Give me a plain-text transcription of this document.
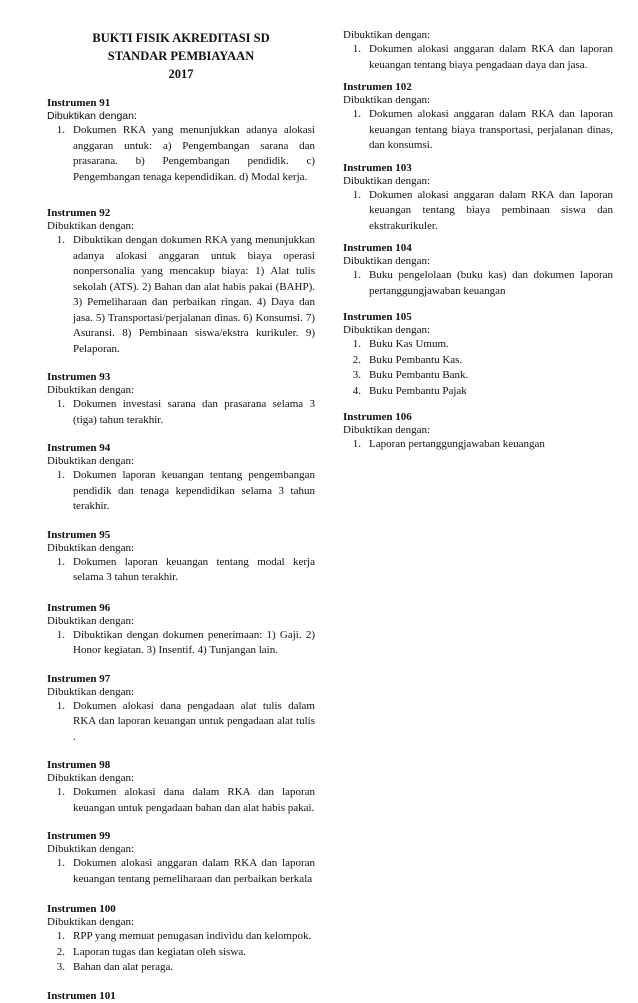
BUKTI FISIK AKREDITASI SD
STANDAR PEMBIAYAAN
2017
Instrumen 91
Dibuktikan dengan:
1. Dokumen RKA yang menunjukkan adanya alokasi anggaran untuk: a) Pengembangan sarana dan prasarana. b) Pengembangan pendidik. c) Pengembangan tenaga kependidikan. d) Modal kerja.
Instrumen 92
Dibuktikan dengan:
1. Dibuktikan dengan dokumen RKA yang menunjukkan adanya alokasi anggaran untuk biaya operasi nonpersonalia yang mencakup biaya: 1) Alat tulis sekolah (ATS). 2) Bahan dan alat habis pakai (BAHP). 3) Pemeliharaan dan perbaikan ringan. 4) Daya dan jasa. 5) Transportasi/perjalanan dinas. 6) Konsumsi. 7) Asuransi. 8) Pembinaan siswa/ekstra kurikuler. 9) Pelaporan.
Instrumen 93
Dibuktikan dengan:
1. Dokumen investasi sarana dan prasarana selama 3 (tiga) tahun terakhir.
Instrumen 94
Dibuktikan dengan:
1. Dokumen laporan keuangan tentang pengembangan pendidik dan tenaga kependidikan selama 3 tahun terakhir.
Instrumen 95
Dibuktikan dengan:
1. Dokumen laporan keuangan tentang modal kerja selama 3 tahun terakhir.
Instrumen 96
Dibuktikan dengan:
1. Dibuktikan dengan dokumen penerimaan: 1) Gaji. 2) Honor kegiatan. 3) Insentif. 4) Tunjangan lain.
Instrumen 97
Dibuktikan dengan:
1. Dokumen alokasi dana pengadaan alat tulis dalam RKA dan laporan keuangan untuk pengadaan alat tulis .
Instrumen 98
Dibuktikan dengan:
1. Dokumen alokasi dana dalam RKA dan laporan keuangan untuk pengadaan bahan dan alat habis pakai.
Instrumen 99
Dibuktikan dengan:
1. Dokumen alokasi anggaran dalam RKA dan laporan keuangan tentang pemeliharaan dan perbaikan berkala
Instrumen 100
Dibuktikan dengan:
1. RPP yang memuat penugasan individu dan kelompok.
2. Laporan tugas dan kegiatan oleh siswa.
3. Bahan dan alat peraga.
Instrumen 101
Dibuktikan dengan:
1. Dokumen alokasi anggaran dalam RKA dan laporan keuangan tentang biaya pengadaan daya dan jasa.
Instrumen 102
Dibuktikan dengan:
1. Dokumen alokasi anggaran dalam RKA dan laporan keuangan tentang biaya transportasi, perjalanan dinas, dan konsumsi.
Instrumen 103
Dibuktikan dengan:
1. Dokumen alokasi anggaran dalam RKA dan laporan keuangan tentang biaya pembinaan siswa dan ekstrakurikuler.
Instrumen 104
Dibuktikan dengan:
1. Buku pengelolaan (buku kas) dan dokumen laporan pertanggungjawaban keuangan
Instrumen 105
Dibuktikan dengan:
1. Buku Kas Umum.
2. Buku Pembantu Kas.
3. Buku Pembantu Bank.
4. Buku Pembantu Pajak
Instrumen 106
Dibuktikan dengan:
1. Laporan pertanggungjawaban keuangan
